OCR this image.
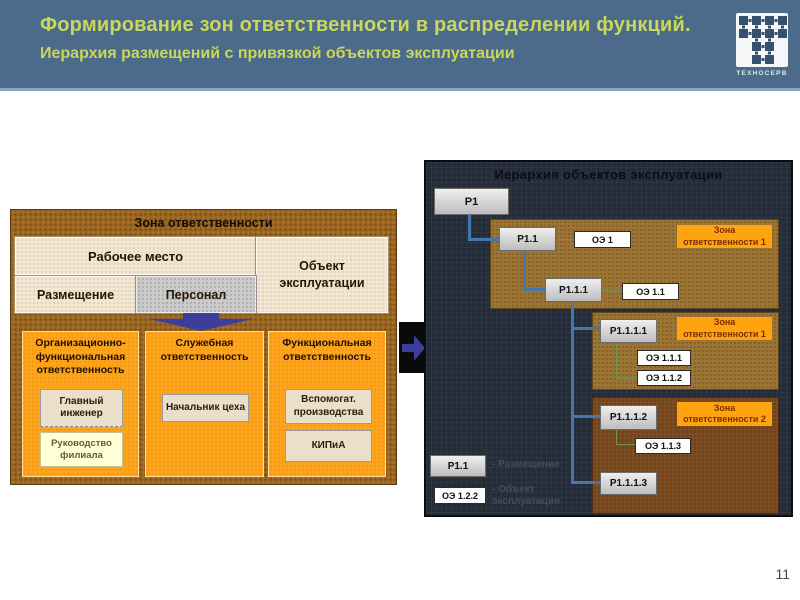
Формирование зон ответственности в распределении функций.
Иерархия размещений с привязкой объектов эксплуатации
ТЕХНОСЕРВ
Зона ответственности
Рабочее место
Объект эксплуатации
Размещение	Персонал
Организационно-функциональная ответственность
Главный инженер
Руководство филиала
Служебная ответственность
Начальник цеха
Функциональная ответственность
Вспомогат. производства
КИПиА
Иерархия объектов эксплуатации
Р1
Р1.1	ОЭ 1
Зона ответственности 1
Р1.1.1	ОЭ 1.1
Р1.1.1.1
Зона ответственности 1
ОЭ 1.1.1
ОЭ 1.1.2
Р1.1.1.2
Зона ответственности 2
ОЭ 1.1.3
Р1.1.1.3
Р1.1	- Размещение
ОЭ 1.2.2
- Объект эксплуатации
11
